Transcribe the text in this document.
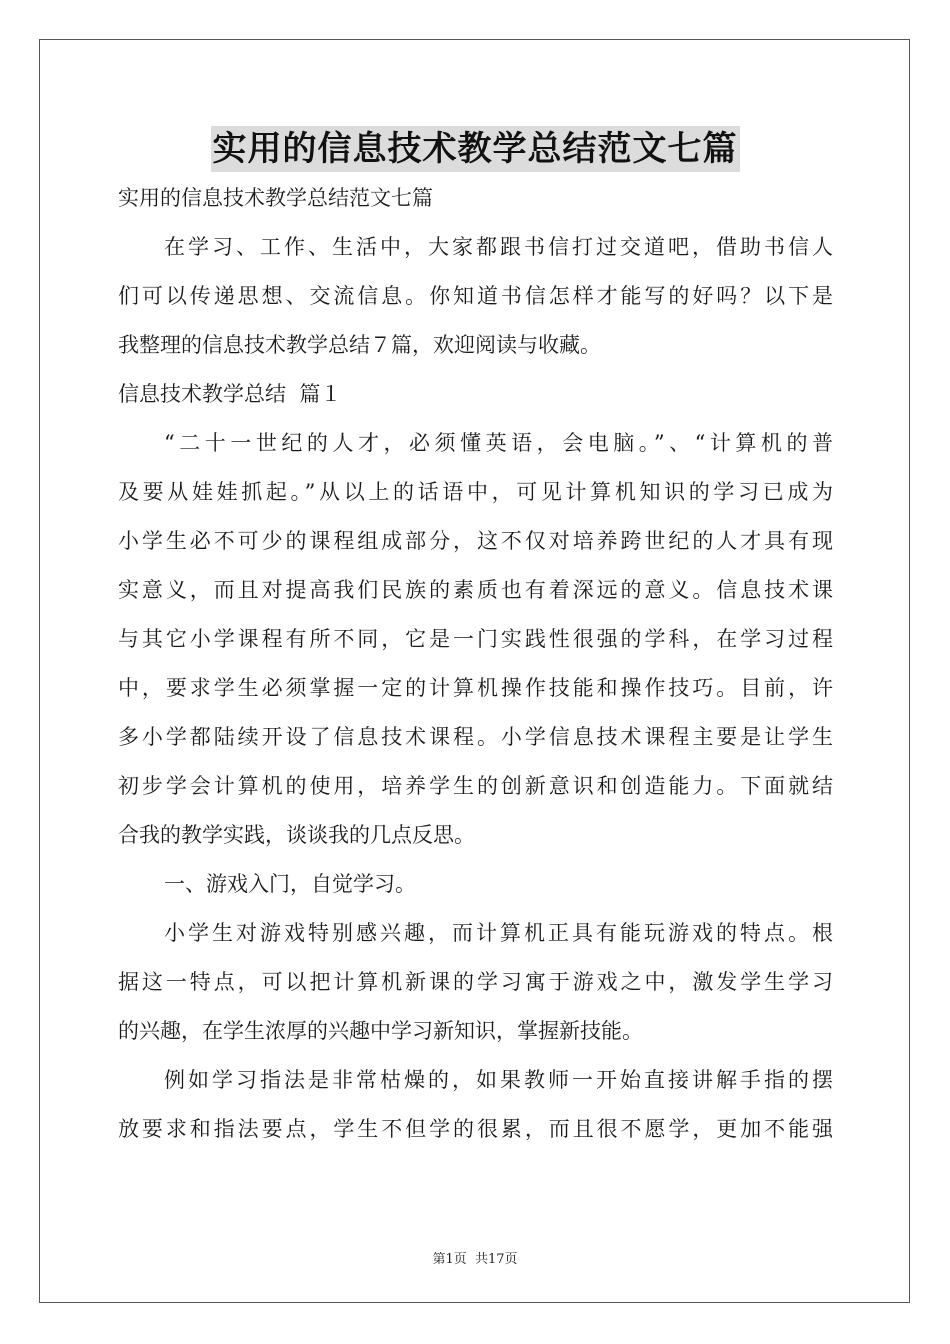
实用的信息技术教学总结范文七篇
实用的信息技术教学总结范文七篇
在学习、工作、生活中，大家都跟书信打过交道吧，借助书信人
们可以传递思想、交流信息。你知道书信怎样才能写的好吗？以下是
我整理的信息技术教学总结７篇，欢迎阅读与收藏。
信息技术教学总结  篇１
“二十一世纪的人才，必须懂英语，会电脑。”、“计算机的普
及要从娃娃抓起。”从以上的话语中，可见计算机知识的学习已成为
小学生必不可少的课程组成部分，这不仅对培养跨世纪的人才具有现
实意义，而且对提高我们民族的素质也有着深远的意义。信息技术课
与其它小学课程有所不同，它是一门实践性很强的学科，在学习过程
中，要求学生必须掌握一定的计算机操作技能和操作技巧。目前，许
多小学都陆续开设了信息技术课程。小学信息技术课程主要是让学生
初步学会计算机的使用，培养学生的创新意识和创造能力。下面就结
合我的教学实践，谈谈我的几点反思。
一、游戏入门，自觉学习。
小学生对游戏特别感兴趣，而计算机正具有能玩游戏的特点。根
据这一特点，可以把计算机新课的学习寓于游戏之中，激发学生学习
的兴趣，在学生浓厚的兴趣中学习新知识，掌握新技能。
例如学习指法是非常枯燥的，如果教师一开始直接讲解手指的摆
放要求和指法要点，学生不但学的很累，而且很不愿学，更加不能强
第1页 共17页
